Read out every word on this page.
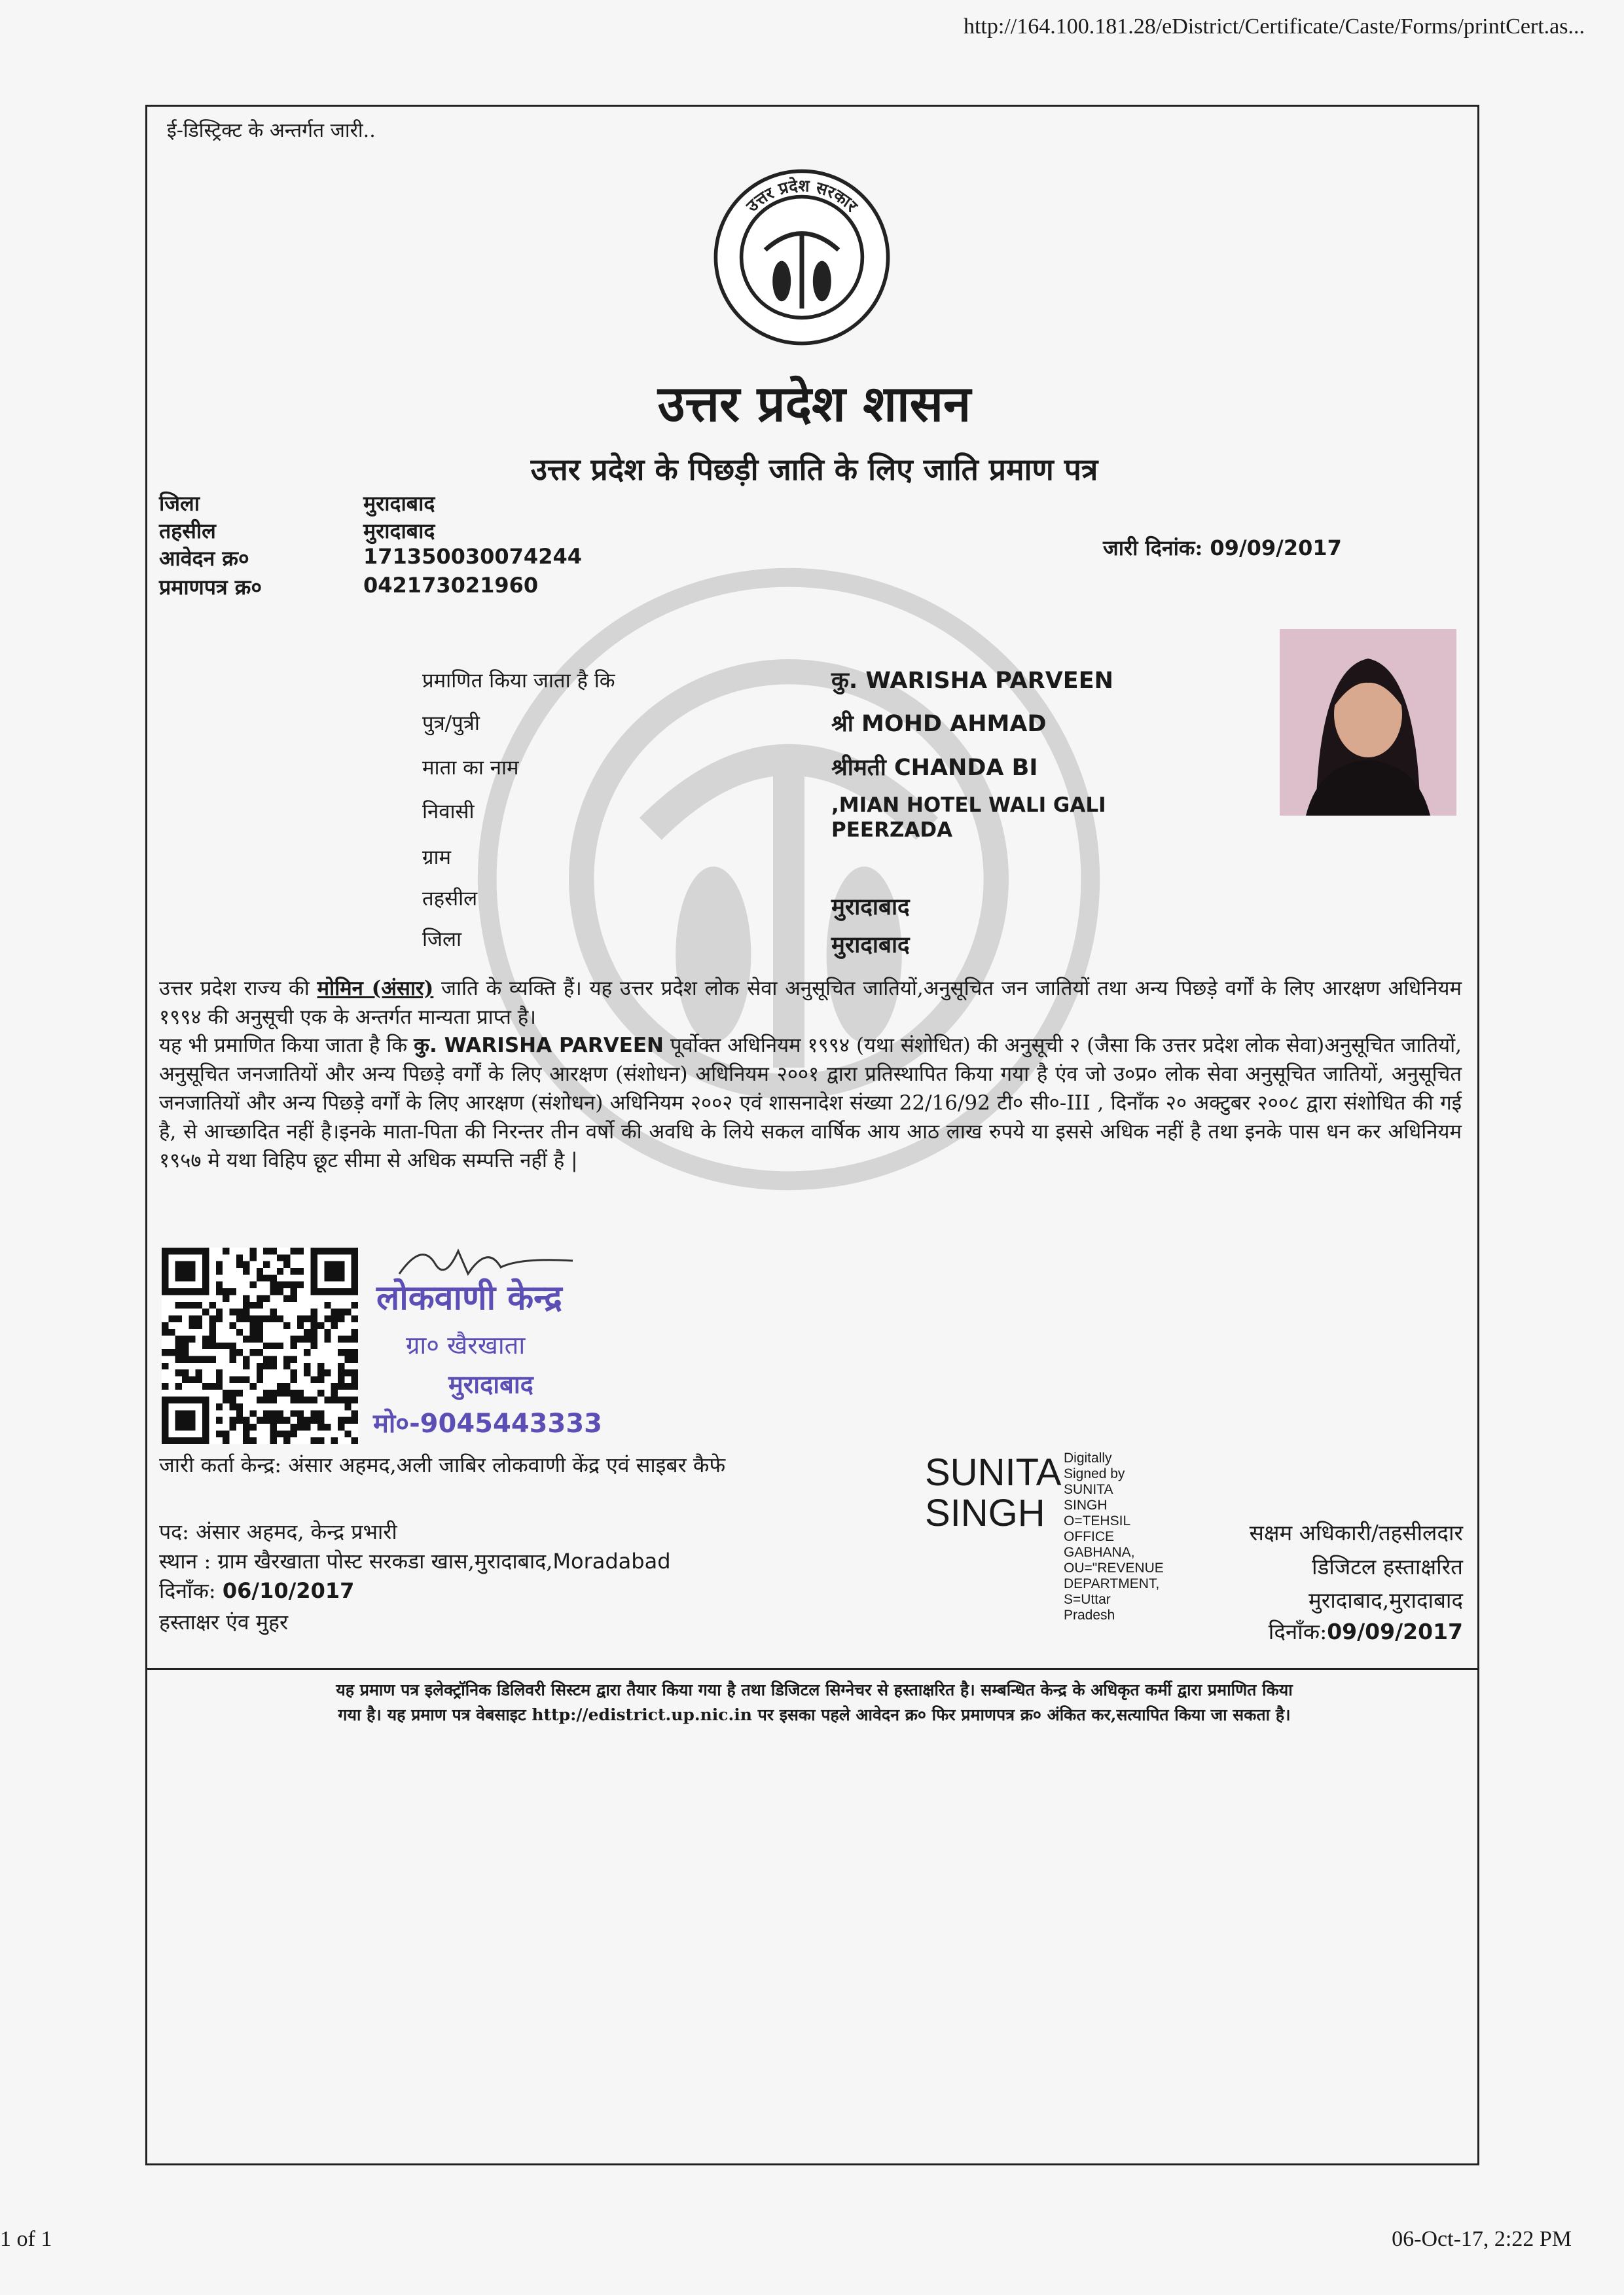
http://164.100.181.28/eDistrict/Certificate/Caste/Forms/printCert.as...
ई-डिस्ट्रिक्ट के अन्तर्गत जारी..
उत्तर प्रदेश सरकार
उत्तर प्रदेश शासन
उत्तर प्रदेश के पिछड़ी जाति के लिए जाति प्रमाण पत्र
जिला	मुरादाबाद
तहसील	मुरादाबाद
आवेदन क्र०	171350030074244
प्रमाणपत्र क्र०	042173021960
जारी दिनांक: 09/09/2017
प्रमाणित किया जाता है कि	कु. WARISHA PARVEEN
पुत्र/पुत्री	श्री MOHD AHMAD
माता का नाम	श्रीमती CHANDA BI
निवासी	,MIAN HOTEL WALI GALI PEERZADA
ग्राम
तहसील	मुरादाबाद
जिला	मुरादाबाद
उत्तर प्रदेश राज्य की मोमिन (अंसार) जाति के व्यक्ति हैं। यह उत्तर प्रदेश लोक सेवा अनुसूचित जातियों,अनुसूचित जन जातियों तथा अन्य पिछड़े वर्गों के लिए आरक्षण अधिनियम १९९४ की अनुसूची एक के अन्तर्गत मान्यता प्राप्त है।
यह भी प्रमाणित किया जाता है कि कु. WARISHA PARVEEN पूर्वोक्त अधिनियम १९९४ (यथा संशोधित) की अनुसूची २ (जैसा कि उत्तर प्रदेश लोक सेवा)अनुसूचित जातियों, अनुसूचित जनजातियों और अन्य पिछड़े वर्गों के लिए आरक्षण (संशोधन) अधिनियम २००१ द्वारा प्रतिस्थापित किया गया है एंव जो उ०प्र० लोक सेवा अनुसूचित जातियों, अनुसूचित जनजातियों और अन्य पिछड़े वर्गों के लिए आरक्षण (संशोधन) अधिनियम २००२ एवं शासनादेश संख्या 22/16/92 टी० सी०-III , दिनाँक २० अक्टुबर २००८ द्वारा संशोधित की गई है, से आच्छादित नहीं है।इनके माता-पिता की निरन्तर तीन वर्षो की अवधि के लिये सकल वार्षिक आय आठ लाख रुपये या इससे अधिक नहीं है तथा इनके पास धन कर अधिनियम १९५७ मे यथा विहिप छूट सीमा से अधिक सम्पत्ति नहीं है |
लोकवाणी केन्द्र
ग्रा० खैरखाता
मुरादाबाद
मो०-9045443333
जारी कर्ता केन्द्र: अंसार अहमद,अली जाबिर लोकवाणी केंद्र एवं साइबर कैफे	SUNITA
SINGH
Digitally Signed by SUNITA SINGH O=TEHSIL OFFICE GABHANA, OU="REVENUE DEPARTMENT, S=Uttar Pradesh
पद: अंसार अहमद, केन्द्र प्रभारी
स्थान : ग्राम खैरखाता पोस्ट सरकडा खास,मुरादाबाद,Moradabad
दिनाँक: 06/10/2017
हस्ताक्षर एंव मुहर
सक्षम अधिकारी/तहसीलदार
डिजिटल हस्ताक्षरित
मुरादाबाद,मुरादाबाद
दिनाँक:09/09/2017
यह प्रमाण पत्र इलेक्ट्रॉनिक डिलिवरी सिस्टम द्वारा तैयार किया गया है तथा डिजिटल सिग्नेचर से हस्ताक्षरित है। सम्बन्धित केन्द्र के अधिकृत कर्मी द्वारा प्रमाणित किया
गया है। यह प्रमाण पत्र वेबसाइट http://edistrict.up.nic.in पर इसका पहले आवेदन क्र० फिर प्रमाणपत्र क्र० अंकित कर,सत्यापित किया जा सकता है।
1 of 1	06-Oct-17, 2:22 PM
